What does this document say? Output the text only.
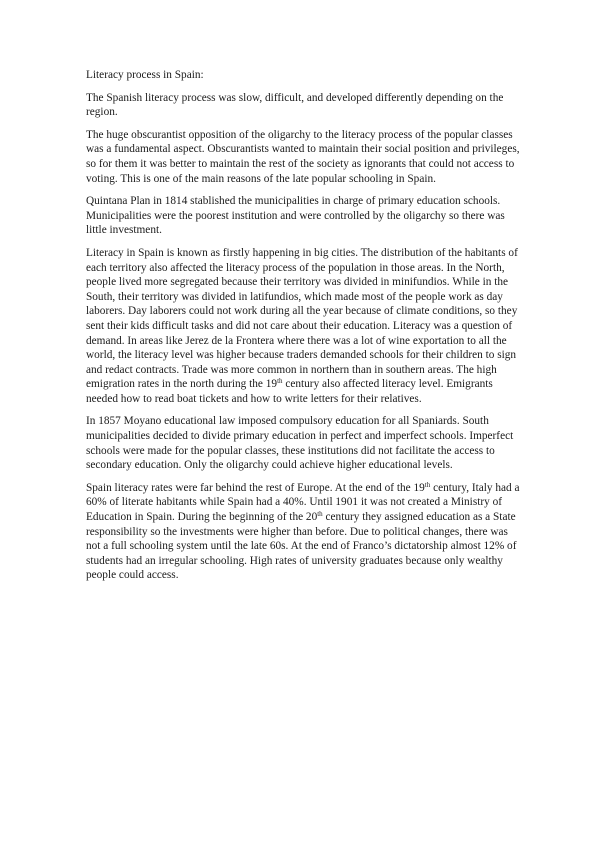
Literacy process in Spain:

The Spanish literacy process was slow, difficult, and developed differently depending on the region.

The huge obscurantist opposition of the oligarchy to the literacy process of the popular classes was a fundamental aspect. Obscurantists wanted to maintain their social position and privileges, so for them it was better to maintain the rest of the society as ignorants that could not access to voting. This is one of the main reasons of the late popular schooling in Spain.

Quintana Plan in 1814 stablished the municipalities in charge of primary education schools. Municipalities were the poorest institution and were controlled by the oligarchy so there was little investment.

Literacy in Spain is known as firstly happening in big cities. The distribution of the habitants of each territory also affected the literacy process of the population in those areas. In the North, people lived more segregated because their territory was divided in minifundios. While in the South, their territory was divided in latifundios, which made most of the people work as day laborers. Day laborers could not work during all the year because of climate conditions, so they sent their kids difficult tasks and did not care about their education. Literacy was a question of demand. In areas like Jerez de la Frontera where there was a lot of wine exportation to all the world, the literacy level was higher because traders demanded schools for their children to sign and redact contracts. Trade was more common in northern than in southern areas. The high emigration rates in the north during the 19th century also affected literacy level. Emigrants needed how to read boat tickets and how to write letters for their relatives.

In 1857 Moyano educational law imposed compulsory education for all Spaniards. South municipalities decided to divide primary education in perfect and imperfect schools. Imperfect schools were made for the popular classes, these institutions did not facilitate the access to secondary education. Only the oligarchy could achieve higher educational levels.

Spain literacy rates were far behind the rest of Europe. At the end of the 19th century, Italy had a 60% of literate habitants while Spain had a 40%. Until 1901 it was not created a Ministry of Education in Spain. During the beginning of the 20th century they assigned education as a State responsibility so the investments were higher than before. Due to political changes, there was not a full schooling system until the late 60s. At the end of Franco’s dictatorship almost 12% of students had an irregular schooling. High rates of university graduates because only wealthy people could access.
